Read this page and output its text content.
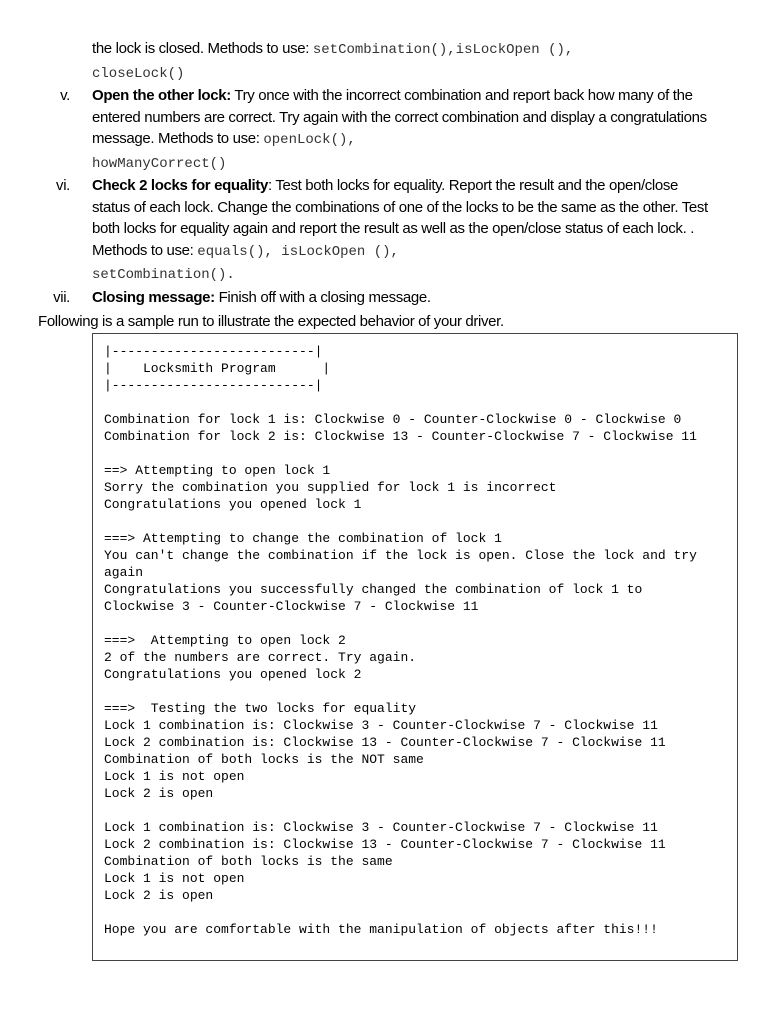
the lock is closed. Methods to use: setCombination(),isLockOpen (),
closeLock()
v. Open the other lock: Try once with the incorrect combination and report back how many of the entered numbers are correct. Try again with the correct combination and display a congratulations message. Methods to use: openLock(),
howManyCorrect()
vi. Check 2 locks for equality: Test both locks for equality. Report the result and the open/close status of each lock. Change the combinations of one of the locks to be the same as the other. Test both locks for equality again and report the result as well as the open/close status of each lock. . Methods to use: equals(), isLockOpen (),
setCombination().
vii. Closing message: Finish off with a closing message.
Following is a sample run to illustrate the expected behavior of your driver.
|--------------------------|
|    Locksmith Program      |
|--------------------------|
Combination for lock 1 is: Clockwise 0 - Counter-Clockwise 0 - Clockwise 0
Combination for lock 2 is: Clockwise 13 - Counter-Clockwise 7 - Clockwise 11
==> Attempting to open lock 1
Sorry the combination you supplied for lock 1 is incorrect
Congratulations you opened lock 1
===> Attempting to change the combination of lock 1
You can't change the combination if the lock is open. Close the lock and try
again
Congratulations you successfully changed the combination of lock 1 to
Clockwise 3 - Counter-Clockwise 7 - Clockwise 11
===>  Attempting to open lock 2
2 of the numbers are correct. Try again.
Congratulations you opened lock 2
===>  Testing the two locks for equality
Lock 1 combination is: Clockwise 3 - Counter-Clockwise 7 - Clockwise 11
Lock 2 combination is: Clockwise 13 - Counter-Clockwise 7 - Clockwise 11
Combination of both locks is the NOT same
Lock 1 is not open
Lock 2 is open
Lock 1 combination is: Clockwise 3 - Counter-Clockwise 7 - Clockwise 11
Lock 2 combination is: Clockwise 13 - Counter-Clockwise 7 - Clockwise 11
Combination of both locks is the same
Lock 1 is not open
Lock 2 is open
Hope you are comfortable with the manipulation of objects after this!!!
